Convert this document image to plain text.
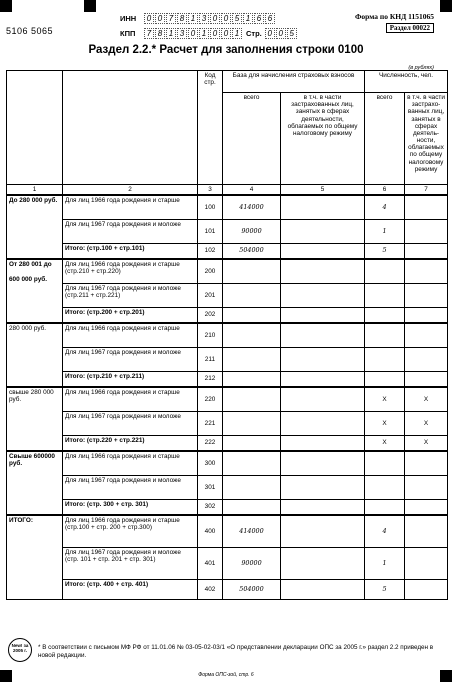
5106 5065
ИНН	0 0 7 8 1 3 0 0 5 1 6 6
КПП	7 8 1 3 0 1 0 0 1 Стр. 0 0 5
Форма по КНД 1151065
Раздел 00022
Раздел 2.2.* Расчет для заполнения строки 0100
(в рублях)
		Код стр.	База для начисления страховых взносов		Численность, чел.	
			всего	в т.ч. в части застрахованных лиц, занятых в сферах деятельности, облагаемых по общему налоговому режиму	всего	в т.ч. в части застрахо-ванных лиц, занятых в сферах деятель-ности, облагаемых по общему налоговому режиму
1	2	3	4	5	6	7
До 280 000 руб.	Для лиц 1966 года рождения и старше	100	414000		4	
	Для лиц 1967 года рождения и моложе	101	90000		1	
	Итого: (стр.100 + стр.101)	102	504000		5	

От 280 001 до
600 000 руб.	Для лиц 1966 года рождения и старше (стр.210 + стр.220)	200				
	Для лиц 1967 года рождения и моложе (стр.211 + стр.221)	201				
	Итого: (стр.200 + стр.201)	202				
280 000 руб.	Для лиц 1966 года рождения и старше	210				
	Для лиц 1967 года рождения и моложе	211				
	Итого: (стр.210 + стр.211)	212				
свыше 280 000 руб.	Для лиц 1966 года рождения и старше	220			X	X
	Для лиц 1967 года рождения и моложе	221			X	X
	Итого: (стр.220 + стр.221)	222			X	X
Свыше 600000 руб.	Для лиц 1966 года рождения и старше	300				
	Для лиц 1967 года рождения и моложе	301				
	Итого: (стр. 300 + стр. 301)	302				
ИТОГО:	Для лиц 1966 года рождения и старше (стр.100 + стр. 200 + стр.300)	400	414000		4	
	Для лиц 1967 года рождения и моложе (стр. 101 + стр. 201 + стр. 301)	401	90000		1	
	Итого: (стр. 400 + стр. 401)	402	504000		5	
New! за 2005 г.	* В соответствии с письмом МФ РФ от 11.01.06 № 03-05-02-03/1 «О представлении декларации ОПС за 2005 г.» раздел 2.2 приведен в новой редакции.
Форма ОПС-зой, стр. 6
